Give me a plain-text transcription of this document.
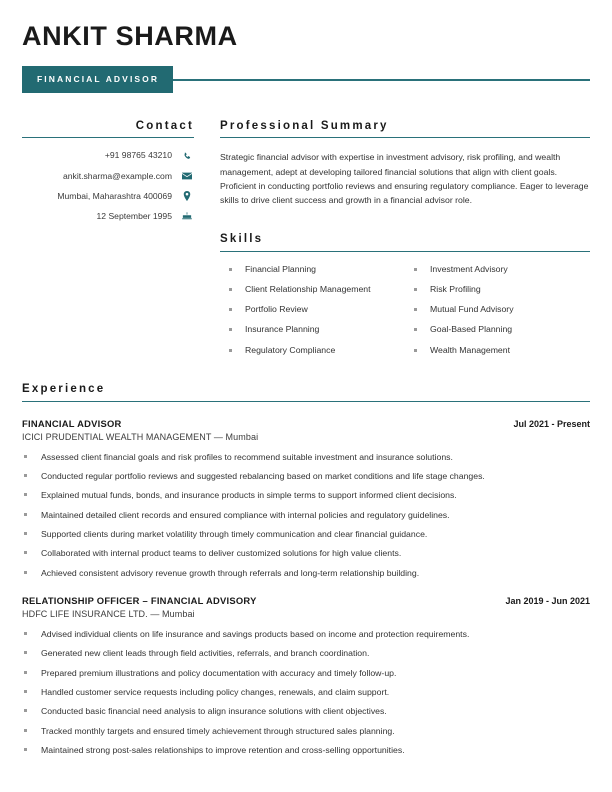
ANKIT SHARMA
FINANCIAL ADVISOR
Contact
+91 98765 43210
ankit.sharma@example.com
Mumbai, Maharashtra 400069
12 September 1995
Professional Summary

Strategic financial advisor with expertise in investment advisory, risk profiling, and wealth management, adept at developing tailored financial solutions that align with client goals. Proficient in conducting portfolio reviews and ensuring regulatory compliance. Eager to leverage skills to drive client success and growth in a financial advisor role.

Skills
Financial Planning
Client Relationship Management
Portfolio Review
Insurance Planning
Regulatory Compliance
Investment Advisory
Risk Profiling
Mutual Fund Advisory
Goal-Based Planning
Wealth Management
Experience
FINANCIAL ADVISOR	Jul 2021 - Present
ICICI PRUDENTIAL WEALTH MANAGEMENT — Mumbai
Assessed client financial goals and risk profiles to recommend suitable investment and insurance solutions.
Conducted regular portfolio reviews and suggested rebalancing based on market conditions and life stage changes.
Explained mutual funds, bonds, and insurance products in simple terms to support informed client decisions.
Maintained detailed client records and ensured compliance with internal policies and regulatory guidelines.
Supported clients during market volatility through timely communication and clear financial guidance.
Collaborated with internal product teams to deliver customized solutions for high value clients.
Achieved consistent advisory revenue growth through referrals and long-term relationship building.
RELATIONSHIP OFFICER – FINANCIAL ADVISORY	Jan 2019 - Jun 2021
HDFC LIFE INSURANCE LTD. — Mumbai
Advised individual clients on life insurance and savings products based on income and protection requirements.
Generated new client leads through field activities, referrals, and branch coordination.
Prepared premium illustrations and policy documentation with accuracy and timely follow-up.
Handled customer service requests including policy changes, renewals, and claim support.
Conducted basic financial need analysis to align insurance solutions with client objectives.
Tracked monthly targets and ensured timely achievement through structured sales planning.
Maintained strong post-sales relationships to improve retention and cross-selling opportunities.
